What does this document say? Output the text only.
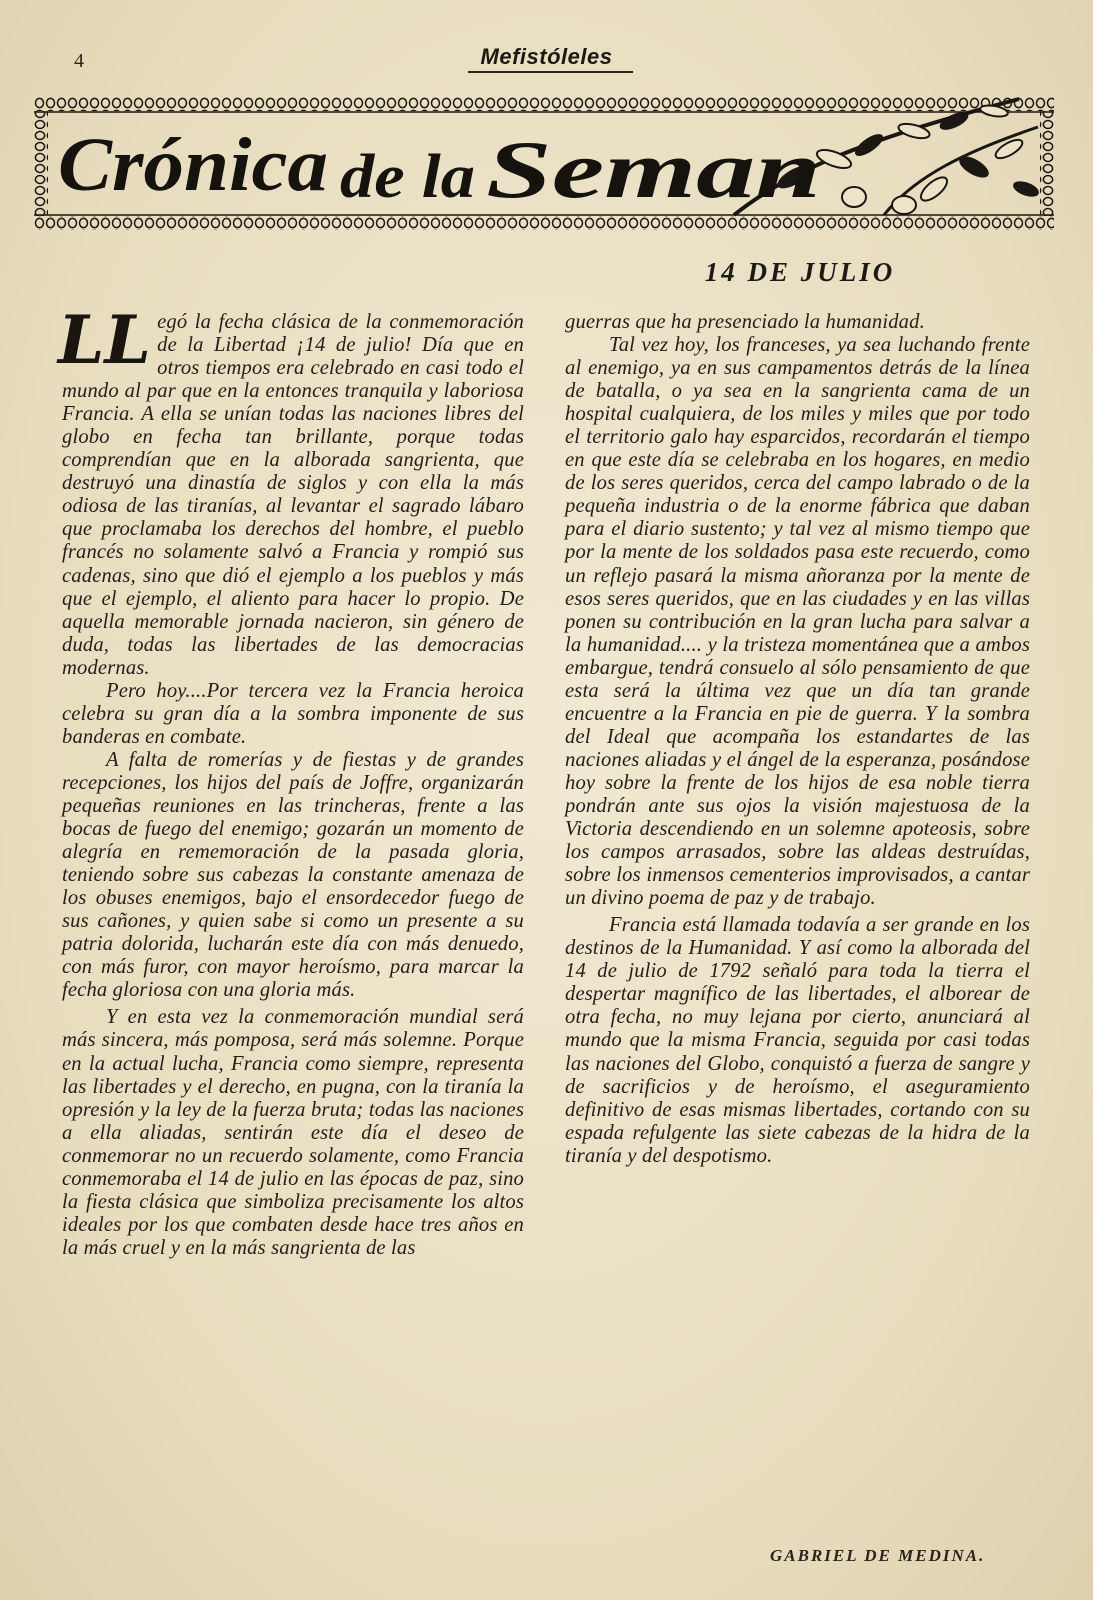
4	Mefistóleles
Crónica de la Seman
14 DE JULIO

LL egó la fecha clásica de la conmemoración de la Libertad ¡14 de julio! Día que en otros tiempos era celebrado en casi todo el mundo al par que en la entonces tranquila y laboriosa Francia. A ella se unían todas las naciones libres del globo en fecha tan brillante, porque todas comprendían que en la alborada sangrienta, que destruyó una dinastía de siglos y con ella la más odiosa de las tiranías, al levantar el sagrado lábaro que proclamaba los derechos del hombre, el pueblo francés no solamente salvó a Francia y rompió sus cadenas, sino que dió el ejemplo a los pueblos y más que el ejemplo, el aliento para hacer lo propio. De aquella memorable jornada nacieron, sin género de duda, todas las libertades de las democracias modernas.

Pero hoy....Por tercera vez la Francia heroica celebra su gran día a la sombra imponente de sus banderas en combate.

A falta de romerías y de fiestas y de grandes recepciones, los hijos del país de Joffre, organizarán pequeñas reuniones en las trincheras, frente a las bocas de fuego del enemigo; gozarán un momento de alegría en rememoración de la pasada gloria, teniendo sobre sus cabezas la constante amenaza de los obuses enemigos, bajo el ensordecedor fuego de sus cañones, y quien sabe si como un presente a su patria dolorida, lucharán este día con más denuedo, con más furor, con mayor heroísmo, para marcar la fecha gloriosa con una gloria más.

Y en esta vez la conmemoración mundial será más sincera, más pomposa, será más solemne. Porque en la actual lucha, Francia como siempre, representa las libertades y el derecho, en pugna, con la tiranía la opresión y la ley de la fuerza bruta; todas las naciones a ella aliadas, sentirán este día el deseo de conmemorar no un recuerdo solamente, como Francia conmemoraba el 14 de julio en las épocas de paz, sino la fiesta clásica que simboliza precisamente los altos ideales por los que combaten desde hace tres años en la más cruel y en la más sangrienta de las

guerras que ha presenciado la humanidad.

Tal vez hoy, los franceses, ya sea luchando frente al enemigo, ya en sus campamentos detrás de la línea de batalla, o ya sea en la sangrienta cama de un hospital cualquiera, de los miles y miles que por todo el territorio galo hay esparcidos, recordarán el tiempo en que este día se celebraba en los hogares, en medio de los seres queridos, cerca del campo labrado o de la pequeña industria o de la enorme fábrica que daban para el diario sustento; y tal vez al mismo tiempo que por la mente de los soldados pasa este recuerdo, como un reflejo pasará la misma añoranza por la mente de esos seres queridos, que en las ciudades y en las villas ponen su contribución en la gran lucha para salvar a la humanidad.... y la tristeza momentánea que a ambos embargue, tendrá consuelo al sólo pensamiento de que esta será la última vez que un día tan grande encuentre a la Francia en pie de guerra. Y la sombra del Ideal que acompaña los estandartes de las naciones aliadas y el ángel de la esperanza, posándose hoy sobre la frente de los hijos de esa noble tierra pondrán ante sus ojos la visión majestuosa de la Victoria descendiendo en un solemne apoteosis, sobre los campos arrasados, sobre las aldeas destruídas, sobre los inmensos cementerios improvisados, a cantar un divino poema de paz y de trabajo.

Francia está llamada todavía a ser grande en los destinos de la Humanidad. Y así como la alborada del 14 de julio de 1792 señaló para toda la tierra el despertar magnífico de las libertades, el alborear de otra fecha, no muy lejana por cierto, anunciará al mundo que la misma Francia, seguida por casi todas las naciones del Globo, conquistó a fuerza de sangre y de sacrificios y de heroísmo, el aseguramiento definitivo de esas mismas libertades, cortando con su espada refulgente las siete cabezas de la hidra de la tiranía y del despotismo.

GABRIEL DE MEDINA.
